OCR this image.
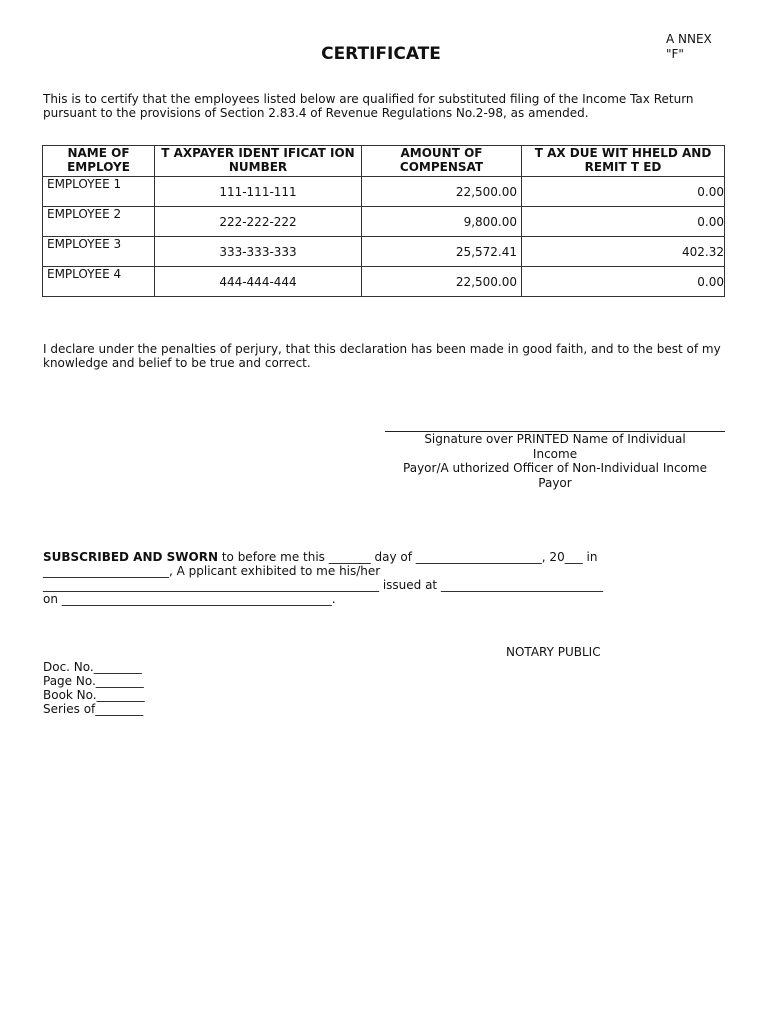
A NNEX
"F"
CERTIFICATE
This is to certify that the employees listed below are qualified for substituted filing of the Income Tax Return pursuant to the provisions of Section 2.83.4 of Revenue Regulations No.2-98, as amended.
NAME OF EMPLOYE	T AXPAYER IDENT IFICAT ION NUMBER	AMOUNT OF COMPENSAT	T AX DUE WIT HHELD AND REMIT T ED
EMPLOYEE 1	111-111-111	22,500.00	0.00
EMPLOYEE 2	222-222-222	9,800.00	0.00
EMPLOYEE 3	333-333-333	25,572.41	402.32
EMPLOYEE 4	444-444-444	22,500.00	0.00
I declare under the penalties of perjury, that this declaration has been made in good faith, and to the best of my knowledge and belief to be true and correct.
Signature over PRINTED Name of Individual
Income
Payor/A uthorized Officer of Non-Individual Income
Payor
SUBSCRIBED AND SWORN to before me this _______ day of _____________________, 20___ in
_____________________, A pplicant exhibited to me his/her
________________________________________________________ issued at ___________________________
on _____________________________________________.
NOTARY PUBLIC
Doc. No.________
Page No.________
Book No.________
Series of________
